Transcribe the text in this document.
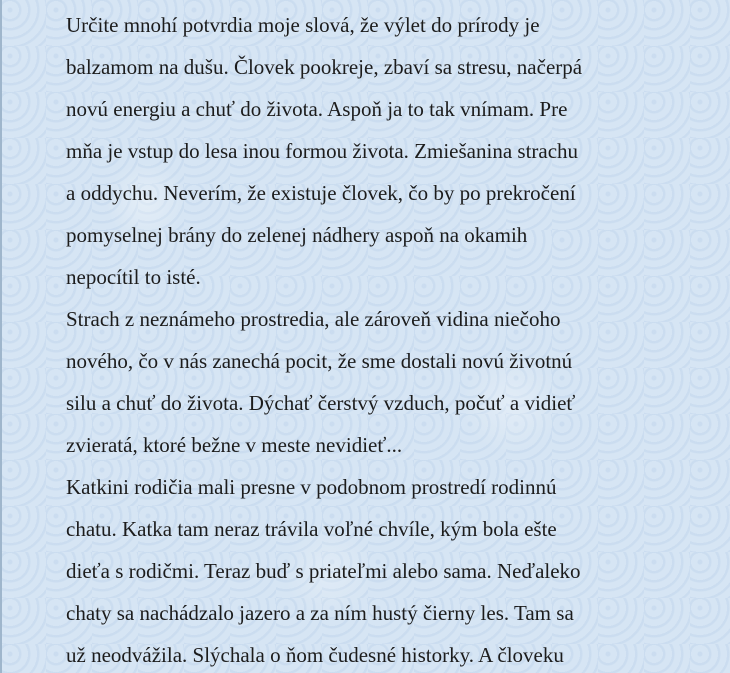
Určite mnohí potvrdia moje slová, že výlet do prírody je
balzamom na dušu. Človek pookreje, zbaví sa stresu, načerpá
novú energiu a chuť do života. Aspoň ja to tak vnímam. Pre
mňa je vstup do lesa inou formou života. Zmiešanina strachu
a oddychu. Neverím, že existuje človek, čo by po prekročení
pomyselnej brány do zelenej nádhery aspoň na okamih
nepocítil to isté.
Strach z neznámeho prostredia, ale zároveň vidina niečoho
nového, čo v nás zanechá pocit, že sme dostali novú životnú
silu a chuť do života. Dýchať čerstvý vzduch, počuť a vidieť
zvieratá, ktoré bežne v meste nevidieť...
Katkini rodičia mali presne v podobnom prostredí rodinnú
chatu. Katka tam neraz trávila voľné chvíle, kým bola ešte
dieťa s rodičmi. Teraz buď s priateľmi alebo sama. Neďaleko
chaty sa nachádzalo jazero a za ním hustý čierny les. Tam sa
už neodvážila. Slýchala o ňom čudesné historky. A človeku
